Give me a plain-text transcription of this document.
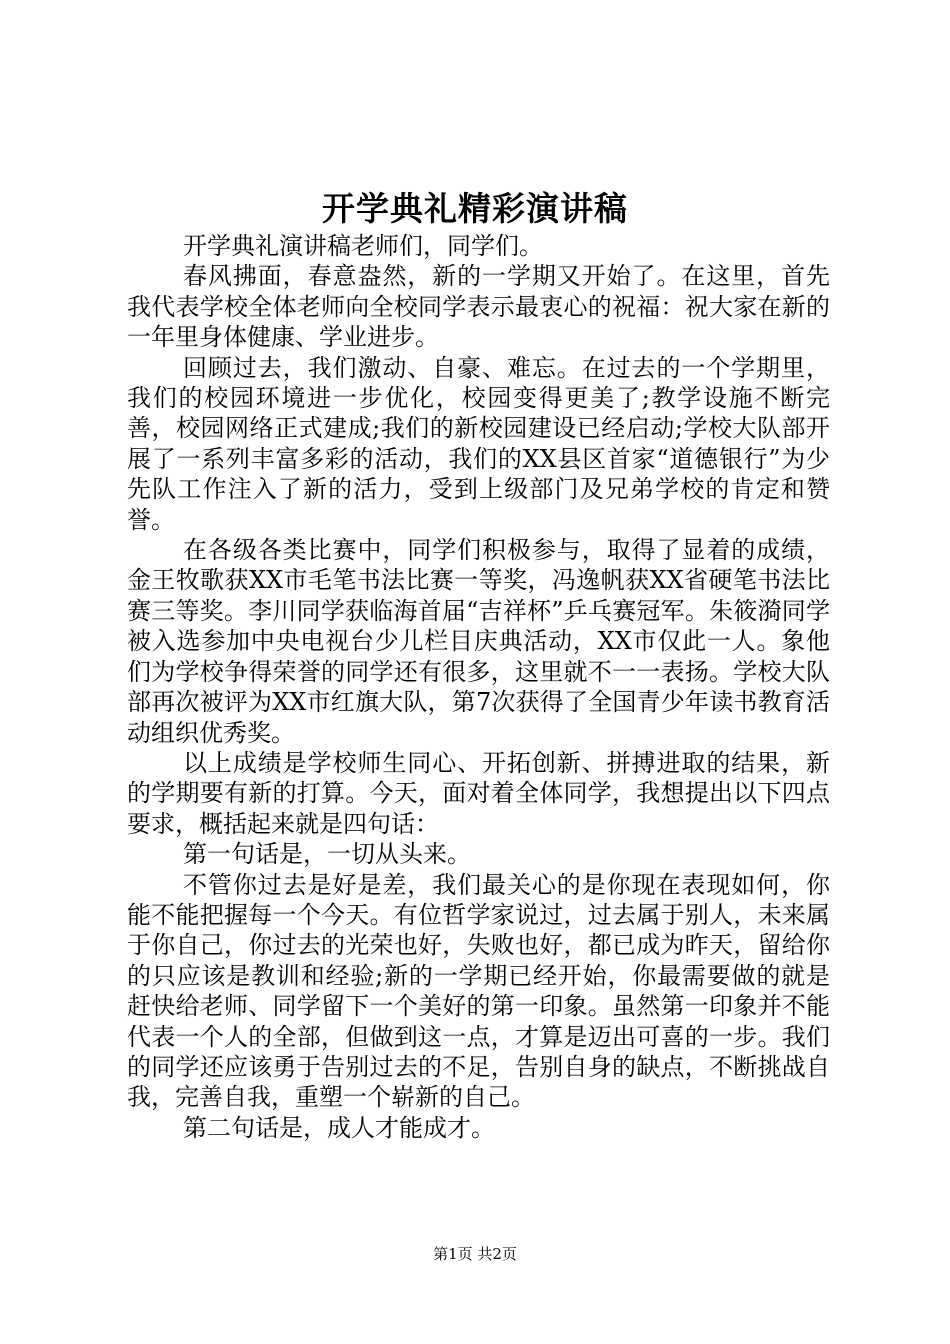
开学典礼精彩演讲稿

开学典礼演讲稿老师们，同学们。

春风拂面，春意盎然，新的一学期又开始了。在这里，首先我代表学校全体老师向全校同学表示最衷心的祝福：祝大家在新的一年里身体健康、学业进步。

回顾过去，我们激动、自豪、难忘。在过去的一个学期里，我们的校园环境进一步优化，校园变得更美了;教学设施不断完善，校园网络正式建成;我们的新校园建设已经启动;学校大队部开展了一系列丰富多彩的活动，我们的XX县区首家“道德银行”为少先队工作注入了新的活力，受到上级部门及兄弟学校的肯定和赞誉。

在各级各类比赛中，同学们积极参与，取得了显着的成绩，金王牧歌获XX市毛笔书法比赛一等奖，冯逸帆获XX省硬笔书法比赛三等奖。李川同学获临海首届“吉祥杯”乒乓赛冠军。朱筱漪同学被入选参加中央电视台少儿栏目庆典活动，XX市仅此一人。象他们为学校争得荣誉的同学还有很多，这里就不一一表扬。学校大队部再次被评为XX市红旗大队，第7次获得了全国青少年读书教育活动组织优秀奖。

以上成绩是学校师生同心、开拓创新、拼搏进取的结果，新的学期要有新的打算。今天，面对着全体同学，我想提出以下四点要求，概括起来就是四句话：

第一句话是，一切从头来。

不管你过去是好是差，我们最关心的是你现在表现如何，你能不能把握每一个今天。有位哲学家说过，过去属于别人，未来属于你自己，你过去的光荣也好，失败也好，都已成为昨天，留给你的只应该是教训和经验;新的一学期已经开始，你最需要做的就是赶快给老师、同学留下一个美好的第一印象。虽然第一印象并不能代表一个人的全部，但做到这一点，才算是迈出可喜的一步。我们的同学还应该勇于告别过去的不足，告别自身的缺点，不断挑战自我，完善自我，重塑一个崭新的自己。

第二句话是，成人才能成才。

第1页 共2页
